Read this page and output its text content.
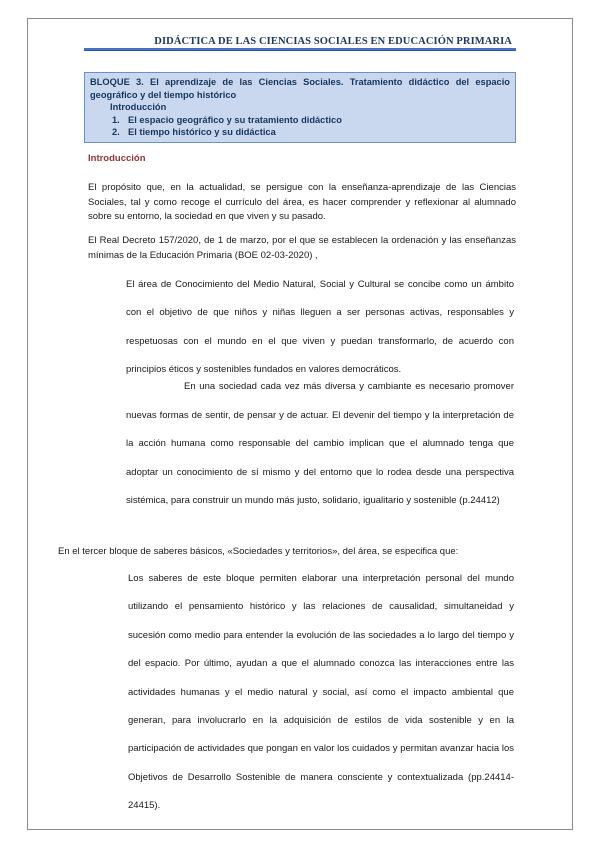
DIDÁCTICA DE LAS CIENCIAS SOCIALES EN EDUCACIÓN PRIMARIA
BLOQUE 3. El aprendizaje de las Ciencias Sociales. Tratamiento didáctico del espacio geográfico y del tiempo histórico
Introducción
1. El espacio geográfico y su tratamiento didáctico
2. El tiempo histórico y su didáctica
Introducción
El propósito que, en la actualidad, se persigue con la enseñanza-aprendizaje de las Ciencias Sociales, tal y como recoge el currículo del área, es hacer comprender y reflexionar al alumnado sobre su entorno, la sociedad en que viven y su pasado.
El Real Decreto 157/2020, de 1 de marzo, por el que se establecen la ordenación y las enseñanzas mínimas de la Educación Primaria (BOE 02-03-2020) ,
El área de Conocimiento del Medio Natural, Social y Cultural se concibe como un ámbito con el objetivo de que niños y niñas lleguen a ser personas activas, responsables y respetuosas con el mundo en el que viven y puedan transformarlo, de acuerdo con principios éticos y sostenibles fundados en valores democráticos.
En una sociedad cada vez más diversa y cambiante es necesario promover nuevas formas de sentir, de pensar y de actuar. El devenir del tiempo y la interpretación de la acción humana como responsable del cambio implican que el alumnado tenga que adoptar un conocimiento de sí mismo y del entorno que lo rodea desde una perspectiva sistémica, para construir un mundo más justo, solidario, igualitario y sostenible (p.24412)
En el tercer bloque de saberes básicos, «Sociedades y territorios», del área, se especifica que:
Los saberes de este bloque permiten elaborar una interpretación personal del mundo utilizando el pensamiento histórico y las relaciones de causalidad, simultaneidad y sucesión como medio para entender la evolución de las sociedades a lo largo del tiempo y del espacio. Por último, ayudan a que el alumnado conozca las interacciones entre las actividades humanas y el medio natural y social, así como el impacto ambiental que generan, para involucrarlo en la adquisición de estilos de vida sostenible y en la participación de actividades que pongan en valor los cuidados y permitan avanzar hacia los Objetivos de Desarrollo Sostenible de manera consciente y contextualizada (pp.24414-24415).
